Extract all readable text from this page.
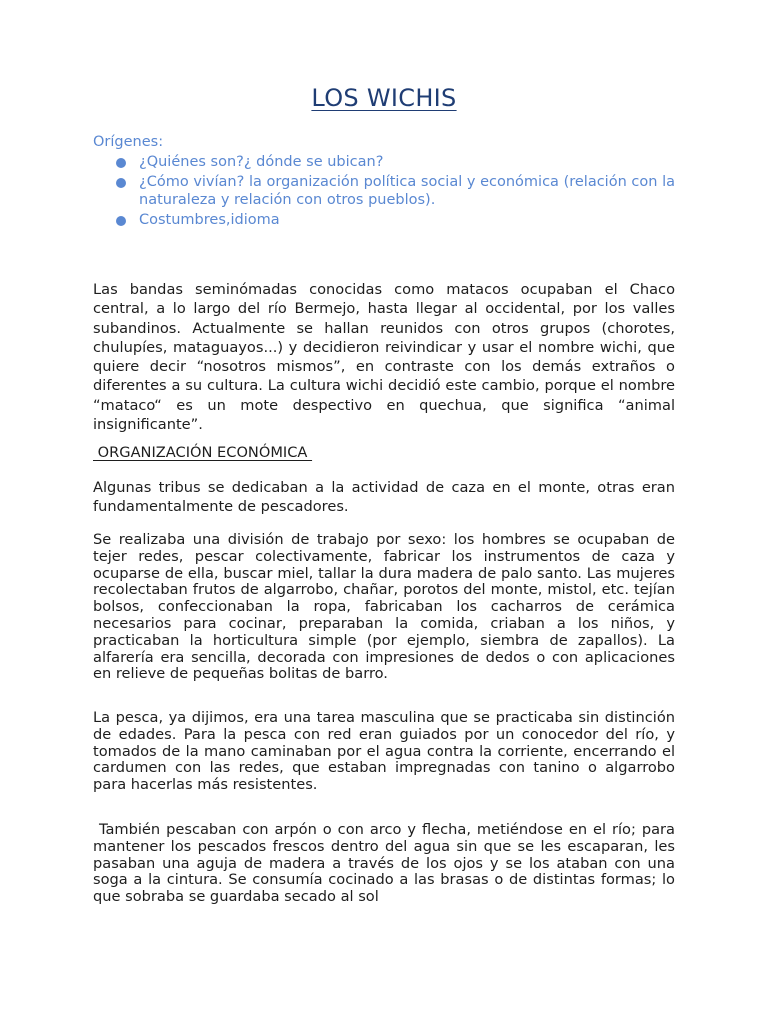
LOS WICHIS
Orígenes:
¿Quiénes son?¿ dónde se ubican?
¿Cómo vivían? la organización política social y económica (relación con la naturaleza y relación con otros pueblos).
Costumbres,idioma

Las bandas seminómadas conocidas como matacos ocupaban el Chaco central, a lo largo del río Bermejo, hasta llegar al occidental, por los valles subandinos. Actualmente se hallan reunidos con otros grupos (chorotes, chulupíes, mataguayos...) y decidieron reivindicar y usar el nombre wichi, que quiere decir “nosotros mismos”, en contraste con los demás extraños o diferentes a su cultura. La cultura wichi decidió este cambio, porque el nombre “mataco“ es un mote despectivo en quechua, que significa “animal insignificante”.

ORGANIZACIÓN ECONÓMICA

Algunas tribus se dedicaban a la actividad de caza en el monte, otras eran fundamentalmente de pescadores.

Se realizaba una división de trabajo por sexo: los hombres se ocupaban de tejer redes, pescar colectivamente, fabricar los instrumentos de caza y ocuparse de ella, buscar miel, tallar la dura madera de palo santo. Las mujeres recolectaban frutos de algarrobo, chañar, porotos del monte, mistol, etc. tejían bolsos, confeccionaban la ropa, fabricaban los cacharros de cerámica necesarios para cocinar, preparaban la comida, criaban a los niños, y practicaban la horticultura simple (por ejemplo, siembra de zapallos). La alfarería era sencilla, decorada con impresiones de dedos o con aplicaciones en relieve de pequeñas bolitas de barro.

La pesca, ya dijimos, era una tarea masculina que se practicaba sin distinción de edades. Para la pesca con red eran guiados por un conocedor del río, y tomados de la mano caminaban por el agua contra la corriente, encerrando el cardumen con las redes, que estaban impregnadas con tanino o algarrobo para hacerlas más resistentes.

También pescaban con arpón o con arco y flecha, metiéndose en el río; para mantener los pescados frescos dentro del agua sin que se les escaparan, les pasaban una aguja de madera a través de los ojos y se los ataban con una soga a la cintura. Se consumía cocinado a las brasas o de distintas formas; lo que sobraba se guardaba secado al sol
